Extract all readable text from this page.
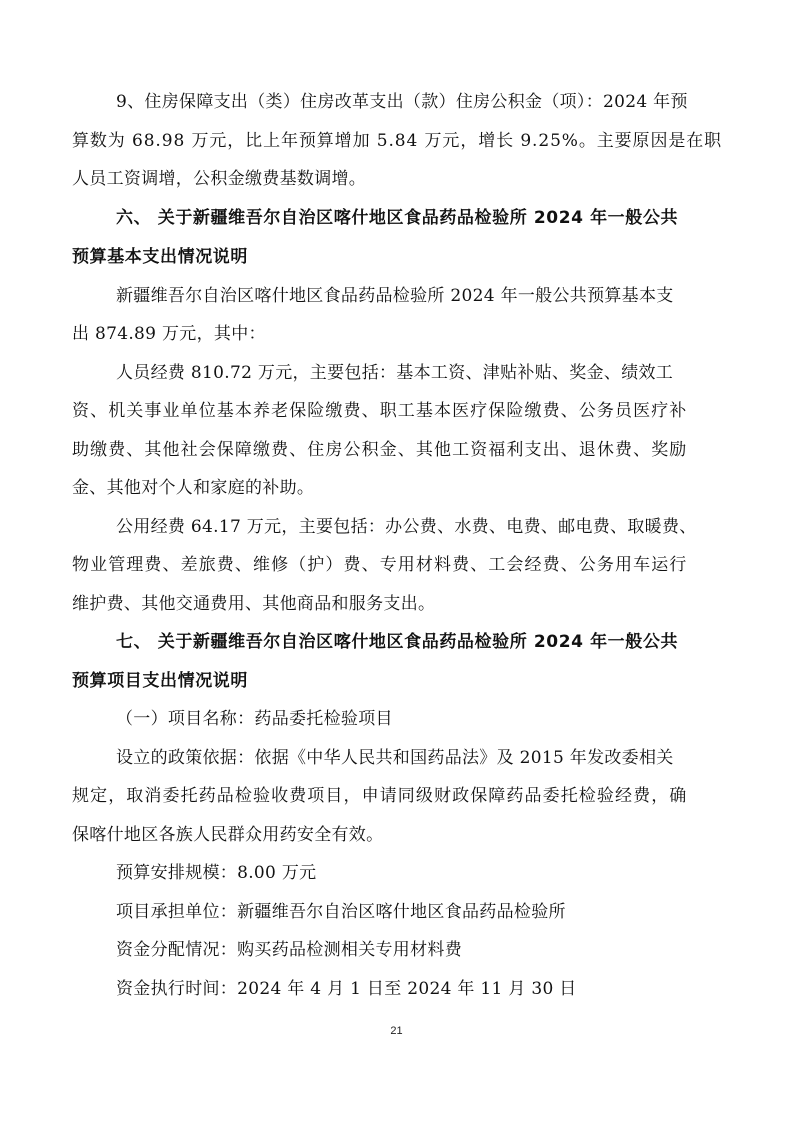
9、住房保障支出（类）住房改革支出（款）住房公积金（项）：2024 年预
算数为 68.98 万元，比上年预算增加 5.84 万元，增长 9.25%。主要原因是在职
人员工资调增，公积金缴费基数调增。
六、 关于新疆维吾尔自治区喀什地区食品药品检验所 2024 年一般公共
预算基本支出情况说明
新疆维吾尔自治区喀什地区食品药品检验所 2024 年一般公共预算基本支
出 874.89 万元，其中：
人员经费 810.72 万元，主要包括：基本工资、津贴补贴、奖金、绩效工
资、机关事业单位基本养老保险缴费、职工基本医疗保险缴费、公务员医疗补
助缴费、其他社会保障缴费、住房公积金、其他工资福利支出、退休费、奖励
金、其他对个人和家庭的补助。
公用经费 64.17 万元，主要包括：办公费、水费、电费、邮电费、取暖费、
物业管理费、差旅费、维修（护）费、专用材料费、工会经费、公务用车运行
维护费、其他交通费用、其他商品和服务支出。
七、 关于新疆维吾尔自治区喀什地区食品药品检验所 2024 年一般公共
预算项目支出情况说明
（一）项目名称：药品委托检验项目
设立的政策依据：依据《中华人民共和国药品法》及 2015 年发改委相关
规定，取消委托药品检验收费项目，申请同级财政保障药品委托检验经费，确
保喀什地区各族人民群众用药安全有效。
预算安排规模：8.00 万元
项目承担单位：新疆维吾尔自治区喀什地区食品药品检验所
资金分配情况：购买药品检测相关专用材料费
资金执行时间：2024 年 4 月 1 日至 2024 年 11 月 30 日
21
